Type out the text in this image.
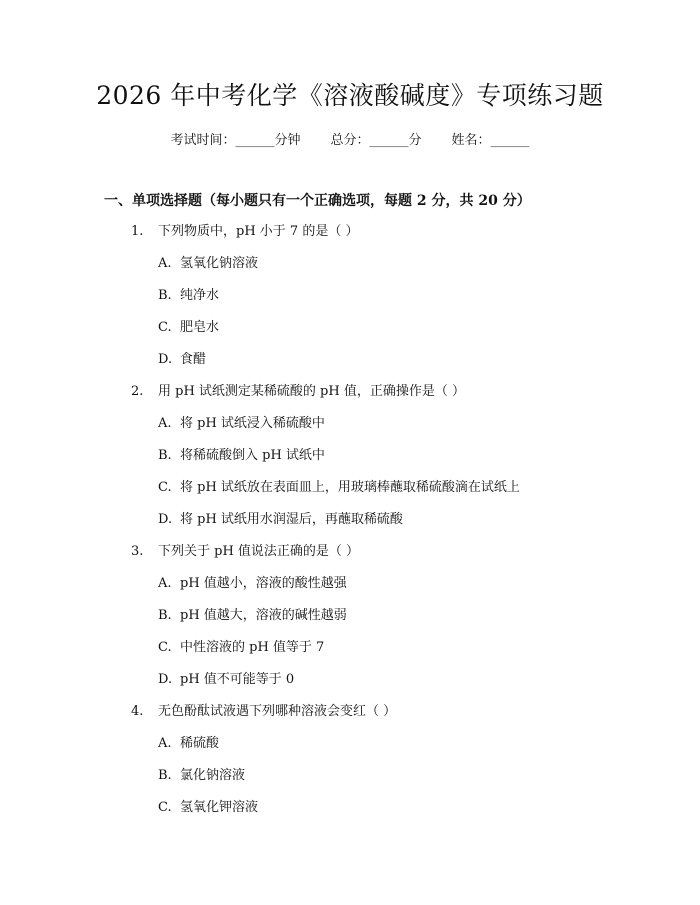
2026 年中考化学《溶液酸碱度》专项练习题
考试时间：______分钟 总分：______分 姓名：______
一、单项选择题（每小题只有一个正确选项，每题 2 分，共 20 分）
1. 下列物质中，pH 小于 7 的是（ ）
A. 氢氧化钠溶液
B. 纯净水
C. 肥皂水
D. 食醋
2. 用 pH 试纸测定某稀硫酸的 pH 值，正确操作是（ ）
A. 将 pH 试纸浸入稀硫酸中
B. 将稀硫酸倒入 pH 试纸中
C. 将 pH 试纸放在表面皿上，用玻璃棒蘸取稀硫酸滴在试纸上
D. 将 pH 试纸用水润湿后，再蘸取稀硫酸
3. 下列关于 pH 值说法正确的是（ ）
A. pH 值越小，溶液的酸性越强
B. pH 值越大，溶液的碱性越弱
C. 中性溶液的 pH 值等于 7
D. pH 值不可能等于 0
4. 无色酚酞试液遇下列哪种溶液会变红（ ）
A. 稀硫酸
B. 氯化钠溶液
C. 氢氧化钾溶液
